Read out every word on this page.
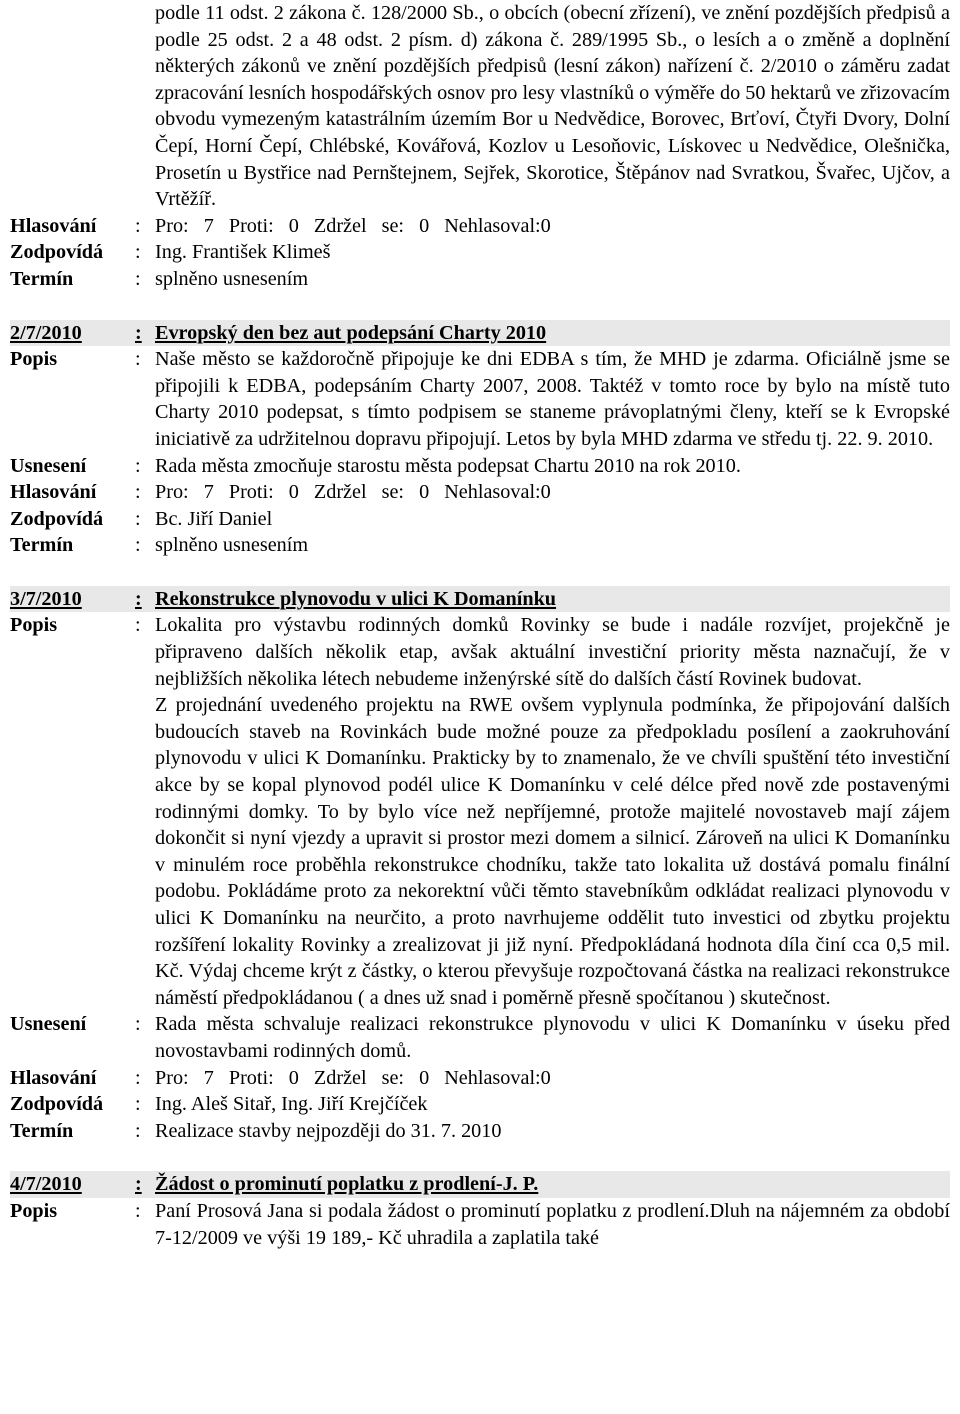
podle 11 odst. 2 zákona č. 128/2000 Sb., o obcích (obecní zřízení), ve znění pozdějších předpisů a podle 25 odst. 2 a 48 odst. 2 písm. d) zákona č. 289/1995 Sb., o lesích a o změně a doplnění některých zákonů ve znění pozdějších předpisů (lesní zákon) nařízení č. 2/2010 o záměru zadat zpracování lesních hospodářských osnov pro lesy vlastníků o výměře do 50 hektarů ve zřizovacím obvodu vymezeným katastrálním územím Bor u Nedvědice, Borovec, Brťoví, Čtyři Dvory, Dolní Čepí, Horní Čepí, Chlébské, Kovářová, Kozlov u Lesoňovic, Lískovec u Nedvědice, Olešnička, Prosetín u Bystřice nad Pernštejnem, Sejřek, Skorotice, Štěpánov nad Svratkou, Švařec, Ujčov, a Vrtěžíř.
Hlasování	: Pro: 7 Proti: 0 Zdržel se: 0 Nehlasoval:0
Zodpovídá	: Ing. František Klimeš
Termín	: splněno usnesením
2/7/2010	: Evropský den bez aut podepsání Charty 2010
Popis	: Naše město se každoročně připojuje ke dni EDBA s tím, že MHD je zdarma. Oficiálně jsme se připojili k EDBA, podepsáním Charty 2007, 2008. Taktéž v tomto roce by bylo na místě tuto Charty 2010 podepsat, s tímto podpisem se staneme právoplatnými členy, kteří se k Evropské iniciativě za udržitelnou dopravu připojují. Letos by byla MHD zdarma ve středu tj. 22. 9. 2010.
Usnesení	: Rada města zmocňuje starostu města podepsat Chartu 2010 na rok 2010.
Hlasování	: Pro: 7 Proti: 0 Zdržel se: 0 Nehlasoval:0
Zodpovídá	: Bc. Jiří Daniel
Termín	: splněno usnesením
3/7/2010	: Rekonstrukce plynovodu v ulici K Domanínku
Popis	: Lokalita pro výstavbu rodinných domků Rovinky se bude i nadále rozvíjet, projekčně je připraveno dalších několik etap, avšak aktuální investiční priority města naznačují, že v nejbližších několika létech nebudeme inženýrské sítě do dalších částí Rovinek budovat.

Z projednání uvedeného projektu na RWE ovšem vyplynula podmínka, že připojování dalších budoucích staveb na Rovinkách bude možné pouze za předpokladu posílení a zaokruhování plynovodu v ulici K Domanínku. Prakticky by to znamenalo, že ve chvíli spuštění této investiční akce by se kopal plynovod podél ulice K Domanínku v celé délce před nově zde postavenými rodinnými domky. To by bylo více než nepříjemné, protože majitelé novostaveb mají zájem dokončit si nyní vjezdy a upravit si prostor mezi domem a silnicí. Zároveň na ulici K Domanínku v minulém roce proběhla rekonstrukce chodníku, takže tato lokalita už dostává pomalu finální podobu. Pokládáme proto za nekorektní vůči těmto stavebníkům odkládat realizaci plynovodu v ulici K Domanínku na neurčito, a proto navrhujeme oddělit tuto investici od zbytku projektu rozšíření lokality Rovinky a zrealizovat ji již nyní. Předpokládaná hodnota díla činí cca 0,5 mil. Kč. Výdaj chceme krýt z částky, o kterou převyšuje rozpočtovaná částka na realizaci rekonstrukce náměstí předpokládanou ( a dnes už snad i poměrně přesně spočítanou ) skutečnost.

Usnesení	: Rada města schvaluje realizaci rekonstrukce plynovodu v ulici K Domanínku v úseku před novostavbami rodinných domů.
Hlasování	: Pro: 7 Proti: 0 Zdržel se: 0 Nehlasoval:0
Zodpovídá	: Ing. Aleš Sitař, Ing. Jiří Krejčíček
Termín	: Realizace stavby nejpozději do 31. 7. 2010
4/7/2010	: Žádost o prominutí poplatku z prodlení-J. P.
Popis	: Paní Prosová Jana si podala žádost o prominutí poplatku z prodlení.Dluh na nájemném za období 7-12/2009 ve výši 19 189,- Kč uhradila a zaplatila také
